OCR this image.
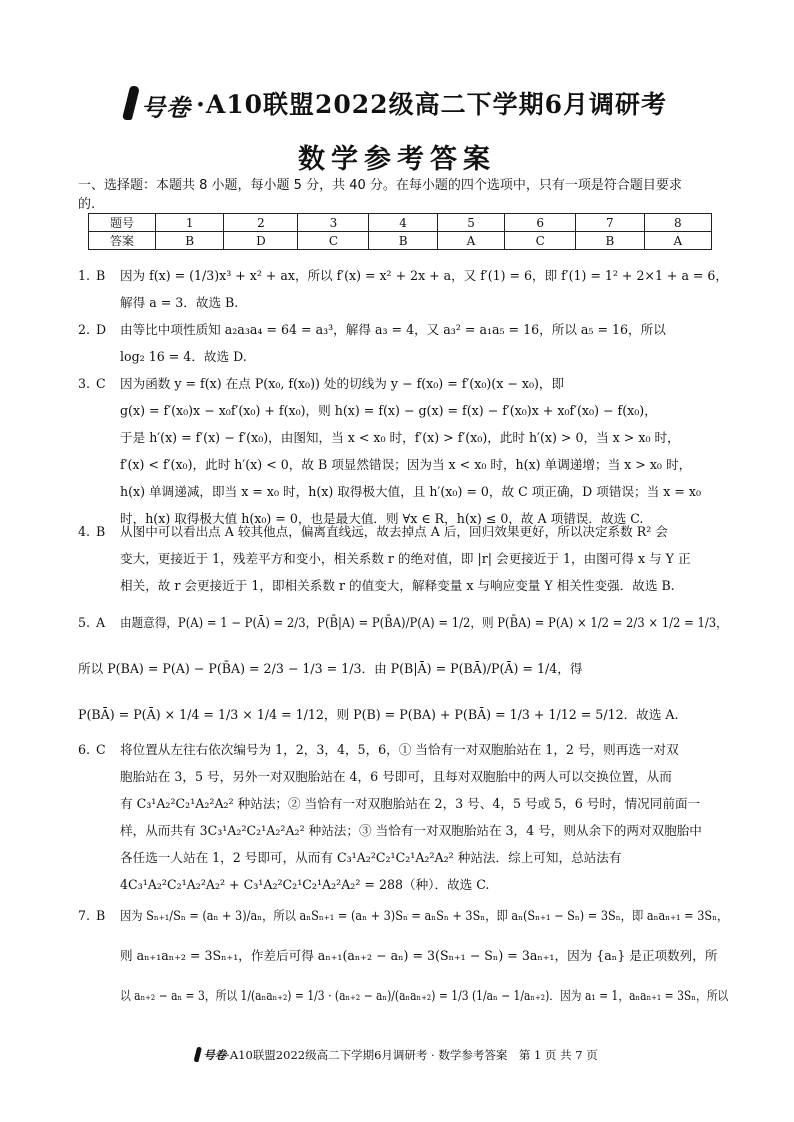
号卷 ·A10联盟2022级高二下学期6月调研考
数学参考答案
一、选择题：本题共 8 小题，每小题 5 分，共 40 分。在每小题的四个选项中，只有一项是符合题目要求
的.
题号	1	2	3	4	5	6	7	8
答案	B	D	C	B	A	C	B	A
1. B	因为 f(x) = (1/3)x³ + x² + ax，所以 f′(x) = x² + 2x + a，又 f′(1) = 6，即 f′(1) = 1² + 2×1 + a = 6，
解得 a = 3．故选 B.
2. D	由等比中项性质知 a₂a₃a₄ = 64 = a₃³，解得 a₃ = 4，又 a₃² = a₁a₅ = 16，所以 a₅ = 16，所以
log₂ 16 = 4．故选 D.
3. C	因为函数 y = f(x) 在点 P(x₀, f(x₀)) 处的切线为 y − f(x₀) = f′(x₀)(x − x₀)，即
g(x) = f′(x₀)x − x₀f′(x₀) + f(x₀)，则 h(x) = f(x) − g(x) = f(x) − f′(x₀)x + x₀f′(x₀) − f(x₀)，
于是 h′(x) = f′(x) − f′(x₀)，由图知，当 x < x₀ 时，f′(x) > f′(x₀)，此时 h′(x) > 0，当 x > x₀ 时，
f′(x) < f′(x₀)，此时 h′(x) < 0，故 B 项显然错误；因为当 x < x₀ 时，h(x) 单调递增；当 x > x₀ 时，
h(x) 单调递减，即当 x = x₀ 时，h(x) 取得极大值，且 h′(x₀) = 0，故 C 项正确，D 项错误；当 x = x₀
时，h(x) 取得极大值 h(x₀) = 0，也是最大值．则 ∀x ∈ R，h(x) ≤ 0，故 A 项错误．故选 C.
4. B	从图中可以看出点 A 较其他点，偏离直线远，故去掉点 A 后，回归效果更好，所以决定系数 R² 会
变大，更接近于 1，残差平方和变小，相关系数 r 的绝对值，即 |r| 会更接近于 1，由图可得 x 与 Y 正
相关，故 r 会更接近于 1，即相关系数 r 的值变大，解释变量 x 与响应变量 Y 相关性变强．故选 B.
5. A	由题意得，P(A) = 1 − P(Ā) = 2/3，P(B̄|A) = P(B̄A)/P(A) = 1/2，则 P(B̄A) = P(A) × 1/2 = 2/3 × 1/2 = 1/3，
所以 P(BA) = P(A) − P(B̄A) = 2/3 − 1/3 = 1/3．由 P(B|Ā) = P(BĀ)/P(Ā) = 1/4，得
P(BĀ) = P(Ā) × 1/4 = 1/3 × 1/4 = 1/12，则 P(B) = P(BA) + P(BĀ) = 1/3 + 1/12 = 5/12．故选 A.
6. C	将位置从左往右依次编号为 1，2，3，4，5，6，① 当恰有一对双胞胎站在 1，2 号，则再选一对双
胞胎站在 3，5 号，另外一对双胞胎站在 4，6 号即可，且每对双胞胎中的两人可以交换位置，从而
有 C₃¹A₂²C₂¹A₂²A₂² 种站法；② 当恰有一对双胞胎站在 2，3 号、4，5 号或 5，6 号时，情况同前面一
样，从而共有 3C₃¹A₂²C₂¹A₂²A₂² 种站法；③ 当恰有一对双胞胎站在 3，4 号，则从余下的两对双胞胎中
各任选一人站在 1，2 号即可，从而有 C₃¹A₂²C₂¹C₂¹A₂²A₂² 种站法．综上可知，总站法有
4C₃¹A₂²C₂¹A₂²A₂² + C₃¹A₂²C₂¹C₂¹A₂²A₂² = 288（种）．故选 C.
7. B	因为 Sₙ₊₁/Sₙ = (aₙ + 3)/aₙ，所以 aₙSₙ₊₁ = (aₙ + 3)Sₙ = aₙSₙ + 3Sₙ，即 aₙ(Sₙ₊₁ − Sₙ) = 3Sₙ，即 aₙaₙ₊₁ = 3Sₙ，
则 aₙ₊₁aₙ₊₂ = 3Sₙ₊₁，作差后可得 aₙ₊₁(aₙ₊₂ − aₙ) = 3(Sₙ₊₁ − Sₙ) = 3aₙ₊₁，因为 {aₙ} 是正项数列，所
以 aₙ₊₂ − aₙ = 3，所以 1/(aₙaₙ₊₂) = 1/3 · (aₙ₊₂ − aₙ)/(aₙaₙ₊₂) = 1/3 (1/aₙ − 1/aₙ₊₂)．因为 a₁ = 1，aₙaₙ₊₁ = 3Sₙ，所以
号卷·A10联盟2022级高二下学期6月调研考 · 数学参考答案　第 1 页 共 7 页
